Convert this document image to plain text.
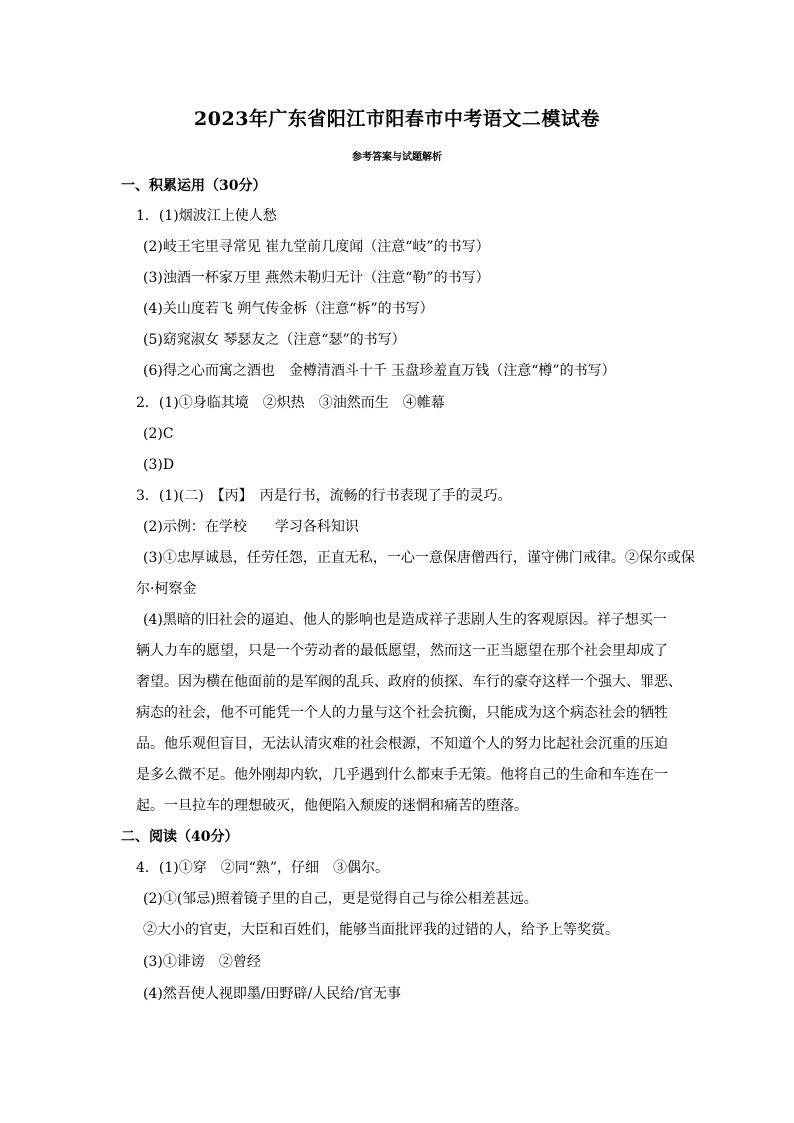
2023年广东省阳江市阳春市中考语文二模试卷
参考答案与试题解析
一、积累运用（30分）
1．(1)烟波江上使人愁
(2)岐王宅里寻常见 崔九堂前几度闻（注意“岐”的书写）
(3)浊酒一杯家万里 燕然未勒归无计（注意“勒”的书写）
(4)关山度若飞 朔气传金柝（注意“柝”的书写）
(5)窈窕淑女 琴瑟友之（注意“瑟”的书写）
(6)得之心而寓之酒也　金樽清酒斗十千 玉盘珍羞直万钱（注意“樽”的书写）
2．(1)①身临其境　②炽热　③油然而生　④帷幕
(2)C
(3)D
3．(1)(二)　【丙】　丙是行书，流畅的行书表现了手的灵巧。
(2)示例：在学校　　学习各科知识
(3)①忠厚诚恳，任劳任怨，正直无私，一心一意保唐僧西行，谨守佛门戒律。②保尔或保
尔·柯察金
(4)黑暗的旧社会的逼迫、他人的影响也是造成祥子悲剧人生的客观原因。祥子想买一
辆人力车的愿望，只是一个劳动者的最低愿望，然而这一正当愿望在那个社会里却成了
奢望。因为横在他面前的是军阀的乱兵、政府的侦探、车行的豪夺这样一个强大、罪恶、
病态的社会，他不可能凭一个人的力量与这个社会抗衡，只能成为这个病态社会的牺牲
品。他乐观但盲目，无法认清灾难的社会根源，不知道个人的努力比起社会沉重的压迫
是多么微不足。他外刚却内软，几乎遇到什么都束手无策。他将自己的生命和车连在一
起。一旦拉车的理想破灭，他便陷入颓废的迷惘和痛苦的堕落。
二、阅读（40分）
4．(1)①穿　②同“熟”，仔细　③偶尔。
(2)①(邹忌)照着镜子里的自己，更是觉得自己与徐公相差甚远。
②大小的官吏，大臣和百姓们，能够当面批评我的过错的人，给予上等奖赏。
(3)①诽谤　②曾经
(4)然吾使人视即墨/田野辟/人民给/官无事
